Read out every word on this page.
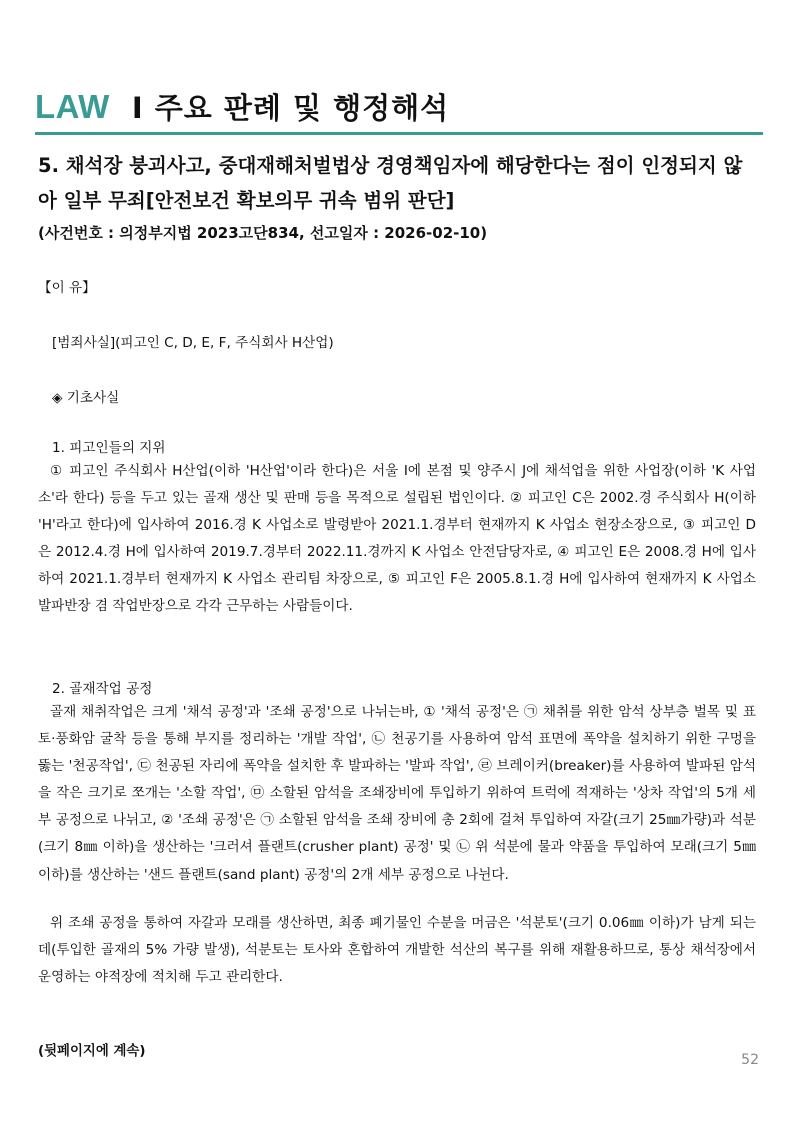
LAW I 주요 판례 및 행정해석
5. 채석장 붕괴사고, 중대재해처벌법상 경영책임자에 해당한다는 점이 인정되지 않아 일부 무죄[안전보건 확보의무 귀속 범위 판단]
(사건번호 : 의정부지법 2023고단834, 선고일자 : 2026-02-10)
【이 유】
[범죄사실](피고인 C, D, E, F, 주식회사 H산업)
◈ 기초사실
1. 피고인들의 지위
① 피고인 주식회사 H산업(이하 'H산업'이라 한다)은 서울 I에 본점 및 양주시 J에 채석업을 위한 사업장(이하 'K 사업소'라 한다) 등을 두고 있는 골재 생산 및 판매 등을 목적으로 설립된 법인이다. ② 피고인 C은 2002.경 주식회사 H(이하 'H'라고 한다)에 입사하여 2016.경 K 사업소로 발령받아 2021.1.경부터 현재까지 K 사업소 현장소장으로, ③ 피고인 D은 2012.4.경 H에 입사하여 2019.7.경부터 2022.11.경까지 K 사업소 안전담당자로, ④ 피고인 E은 2008.경 H에 입사하여 2021.1.경부터 현재까지 K 사업소 관리팀 차장으로, ⑤ 피고인 F은 2005.8.1.경 H에 입사하여 현재까지 K 사업소 발파반장 겸 작업반장으로 각각 근무하는 사람들이다.
2. 골재작업 공정
골재 채취작업은 크게 '채석 공정'과 '조쇄 공정'으로 나뉘는바, ① '채석 공정'은 ㉠ 채취를 위한 암석 상부층 벌목 및 표토·풍화암 굴착 등을 통해 부지를 정리하는 '개발 작업', ㉡ 천공기를 사용하여 암석 표면에 폭약을 설치하기 위한 구멍을 뚫는 '천공작업', ㉢ 천공된 자리에 폭약을 설치한 후 발파하는 '발파 작업', ㉣ 브레이커(breaker)를 사용하여 발파된 암석을 작은 크기로 쪼개는 '소할 작업', ㉤ 소할된 암석을 조쇄장비에 투입하기 위하여 트럭에 적재하는 '상차 작업'의 5개 세부 공정으로 나뉘고, ② '조쇄 공정'은 ㉠ 소할된 암석을 조쇄 장비에 총 2회에 걸쳐 투입하여 자갈(크기 25㎜가량)과 석분(크기 8㎜ 이하)을 생산하는 '크러셔 플랜트(crusher plant) 공정' 및 ㉡ 위 석분에 물과 약품을 투입하여 모래(크기 5㎜ 이하)를 생산하는 '샌드 플랜트(sand plant) 공정'의 2개 세부 공정으로 나뉜다.
위 조쇄 공정을 통하여 자갈과 모래를 생산하면, 최종 폐기물인 수분을 머금은 '석분토'(크기 0.06㎜ 이하)가 남게 되는데(투입한 골재의 5% 가량 발생), 석분토는 토사와 혼합하여 개발한 석산의 복구를 위해 재활용하므로, 통상 채석장에서 운영하는 야적장에 적치해 두고 관리한다.
(뒷페이지에 계속)
52
